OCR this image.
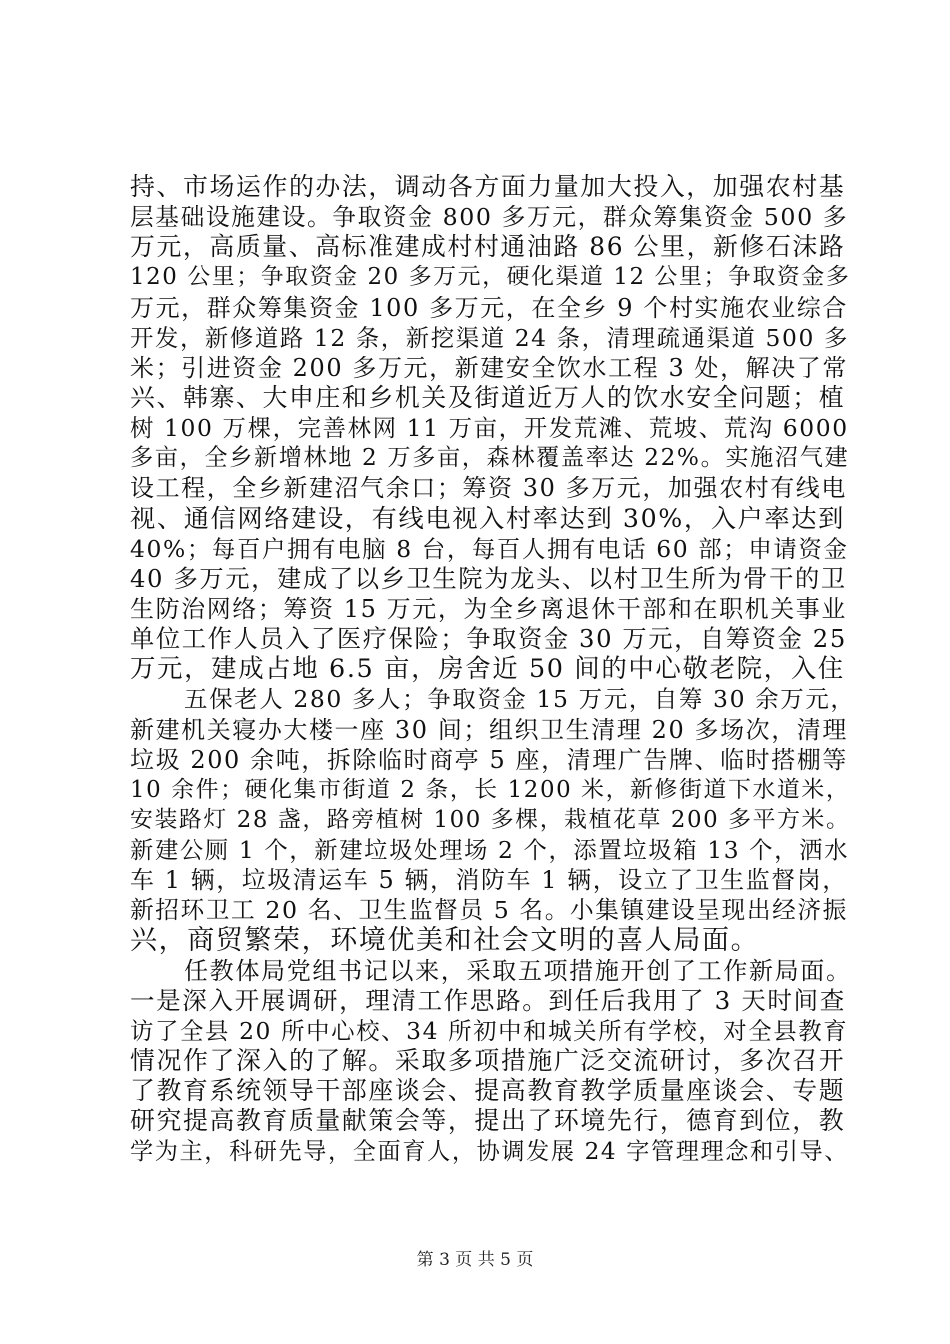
持、市场运作的办法，调动各方面力量加大投入，加强农村基
层基础设施建设。争取资金 800 多万元，群众筹集资金 500 多
万元，高质量、高标准建成村村通油路 86 公里，新修石沫路
120 公里；争取资金 20 多万元，硬化渠道 12 公里；争取资金多
万元，群众筹集资金 100 多万元，在全乡 9 个村实施农业综合
开发，新修道路 12 条，新挖渠道 24 条，清理疏通渠道 500 多
米；引进资金 200 多万元，新建安全饮水工程 3 处，解决了常
兴、韩寨、大申庄和乡机关及街道近万人的饮水安全问题；植
树 100 万棵，完善林网 11 万亩，开发荒滩、荒坡、荒沟 6000
多亩，全乡新增林地 2 万多亩，森林覆盖率达 22%。实施沼气建
设工程，全乡新建沼气余口；筹资 30 多万元，加强农村有线电
视、通信网络建设，有线电视入村率达到 30%，入户率达到
40%；每百户拥有电脑 8 台，每百人拥有电话 60 部；申请资金
40 多万元，建成了以乡卫生院为龙头、以村卫生所为骨干的卫
生防治网络；筹资 15 万元，为全乡离退休干部和在职机关事业
单位工作人员入了医疗保险；争取资金 30 万元，自筹资金 25
万元，建成占地 6.5 亩，房舍近 50 间的中心敬老院，入住
五保老人 280 多人；争取资金 15 万元，自筹 30 余万元，
新建机关寝办大楼一座 30 间；组织卫生清理 20 多场次，清理
垃圾 200 余吨，拆除临时商亭 5 座，清理广告牌、临时搭棚等
10 余件；硬化集市街道 2 条，长 1200 米，新修街道下水道米，
安装路灯 28 盏，路旁植树 100 多棵，栽植花草 200 多平方米。
新建公厕 1 个，新建垃圾处理场 2 个，添置垃圾箱 13 个，洒水
车 1 辆，垃圾清运车 5 辆，消防车 1 辆，设立了卫生监督岗，
新招环卫工 20 名、卫生监督员 5 名。小集镇建设呈现出经济振
兴，商贸繁荣，环境优美和社会文明的喜人局面。
任教体局党组书记以来，采取五项措施开创了工作新局面。
一是深入开展调研，理清工作思路。到任后我用了 3 天时间查
访了全县 20 所中心校、34 所初中和城关所有学校，对全县教育
情况作了深入的了解。采取多项措施广泛交流研讨，多次召开
了教育系统领导干部座谈会、提高教育教学质量座谈会、专题
研究提高教育质量献策会等，提出了环境先行，德育到位，教
学为主，科研先导，全面育人，协调发展 24 字管理理念和引导、
第 3 页 共 5 页
